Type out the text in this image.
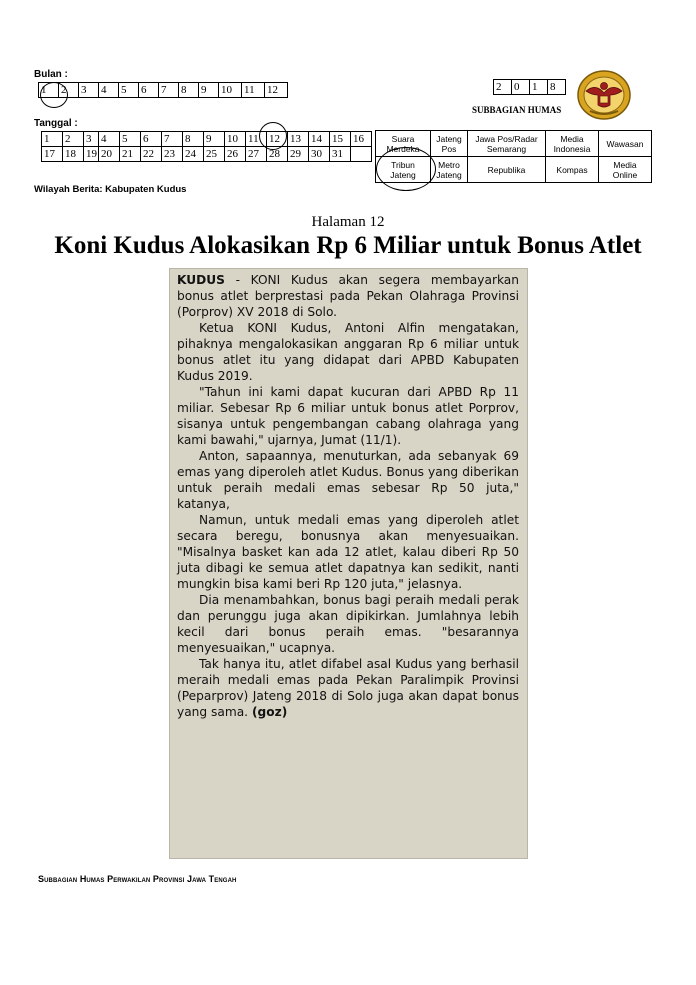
Bulan :
1	2	3	4	5	6	7	8	9	10	11	12	2	0	1	8
SUBBAGIAN HUMAS
Tanggal :
1	2	3	4	5	6	7	8	9	10	11	12	13	14	15	16
17	18	19	20	21	22	23	24	25	26	27	28	29	30	31	
Suara Merdeka	Jateng Pos	Jawa Pos/Radar Semarang	Media Indonesia	Wawasan
Tribun Jateng	Metro Jateng	Republika	Kompas	Media Online
Wilayah Berita: Kabupaten Kudus
Halaman 12
Koni Kudus Alokasikan Rp 6 Miliar untuk Bonus Atlet

KUDUS - KONI Kudus akan segera membayarkan bonus atlet berprestasi pada Pekan Olahraga Provinsi (Porprov) XV 2018 di Solo.

Ketua KONI Kudus, Antoni Alfin mengatakan, pihaknya mengalokasikan anggaran Rp 6 miliar untuk bonus atlet itu yang didapat dari APBD Kabupaten Kudus 2019.

"Tahun ini kami dapat kucuran dari APBD Rp 11 miliar. Sebesar Rp 6 miliar untuk bonus atlet Porprov, sisanya untuk pengembangan cabang olahraga yang kami bawahi," ujarnya, Jumat (11/1).

Anton, sapaannya, menuturkan, ada sebanyak 69 emas yang diperoleh atlet Kudus. Bonus yang diberikan untuk peraih medali emas sebesar Rp 50 juta," katanya,

Namun, untuk medali emas yang diperoleh atlet secara beregu, bonusnya akan menyesuaikan. "Misalnya basket kan ada 12 atlet, kalau diberi Rp 50 juta dibagi ke semua atlet dapatnya kan sedikit, nanti mungkin bisa kami beri Rp 120 juta," jelasnya.

Dia menambahkan, bonus bagi peraih medali perak dan perunggu juga akan dipikirkan. Jumlahnya lebih kecil dari bonus peraih emas. "besarannya menyesuaikan," ucapnya.

Tak hanya itu, atlet difabel asal Kudus yang berhasil meraih medali emas pada Pekan Paralimpik Provinsi (Peparprov) Jateng 2018 di Solo juga akan dapat bonus yang sama. (goz)

Subbagian Humas Perwakilan Provinsi Jawa Tengah
